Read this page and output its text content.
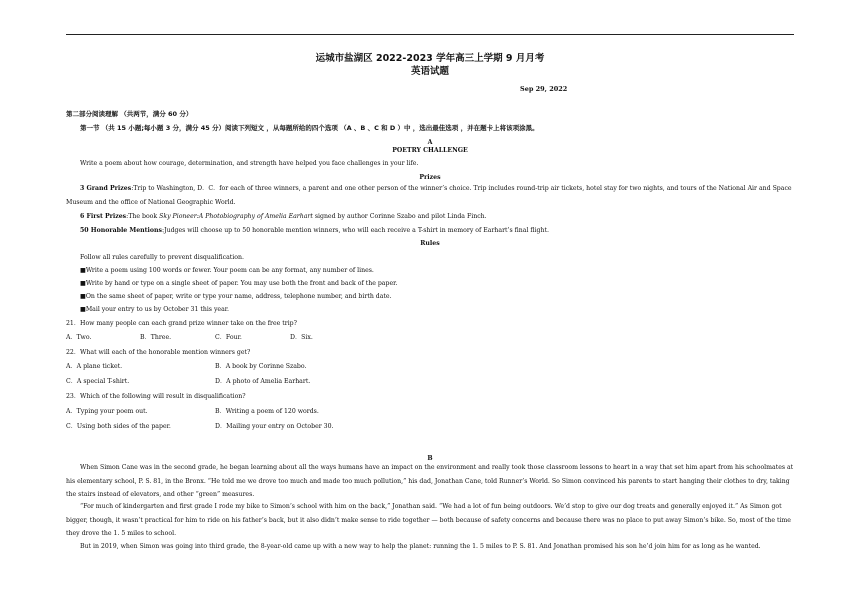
运城市盐湖区 2022-2023 学年高三上学期 9 月月考
英语试题
Sep 29, 2022
第二部分阅读理解 （共两节，满分 60 分）
第一节 （共 15 小题;每小题 3 分，满分 45 分）阅读下列短文 ，从每题所给的四个选项 （A 、B 、C 和 D ）中 ，选出最佳选项 ，并在题卡上将该项涂黑。
A
POETRY CHALLENGE
Write a poem about how courage, determination, and strength have helped you face challenges in your life.
Prizes
3 Grand Prizes:Trip to Washington, D．C．for each of three winners, a parent and one other person of the winner’s choice. Trip includes round-trip air tickets, hotel stay for two nights, and tours of the National Air and Space Museum and the office of National Geographic World.
6 First Prizes:The book Sky Pioneer:A Photobiography of Amelia Earhart signed by author Corinne Szabo and pilot Linda Finch.
50 Honorable Mentions:Judges will choose up to 50 honorable mention winners, who will each receive a T-shirt in memory of Earhart’s final flight.
Rules
Follow all rules carefully to prevent disqualification.
■Write a poem using 100 words or fewer. Your poem can be any format, any number of lines.
■Write by hand or type on a single sheet of paper. You may use both the front and back of the paper.
■On the same sheet of paper, write or type your name, address, telephone number, and birth date.
■Mail your entry to us by October 31 this year.
21．How many people can each grand prize winner take on the free trip?
A．Two.	B．Three.	C．Four.	D．Six.
22．What will each of the honorable mention winners get?
A．A plane ticket.	B．A book by Corinne Szabo.
C．A special T-shirt.	D．A photo of Amelia Earhart.
23．Which of the following will result in disqualification?
A．Typing your poem out.	B．Writing a poem of 120 words.
C．Using both sides of the paper.	D．Mailing your entry on October 30.
B
When Simon Cane was in the second grade, he began learning about all the ways humans have an impact on the environment and really took those classroom lessons to heart in a way that set him apart from his schoolmates at his elementary school, P. S. 81, in the Bronx. “He told me we drove too much and made too much pollution,” his dad, Jonathan Cane, told Runner’s World. So Simon convinced his parents to start hanging their clothes to dry, taking the stairs instead of elevators, and other “green” measures.
“For much of kindergarten and first grade I rode my bike to Simon’s school with him on the back,” Jonathan said. “We had a lot of fun being outdoors. We’d stop to give our dog treats and generally enjoyed it.” As Simon got bigger, though, it wasn’t practical for him to ride on his father’s back, but it also didn’t make sense to ride together — both because of safety concerns and because there was no place to put away Simon’s bike. So, most of the time they drove the 1. 5 miles to school.
But in 2019, when Simon was going into third grade, the 8-year-old came up with a new way to help the planet: running the 1. 5 miles to P. S. 81. And Jonathan promised his son he’d join him for as long as he wanted.
